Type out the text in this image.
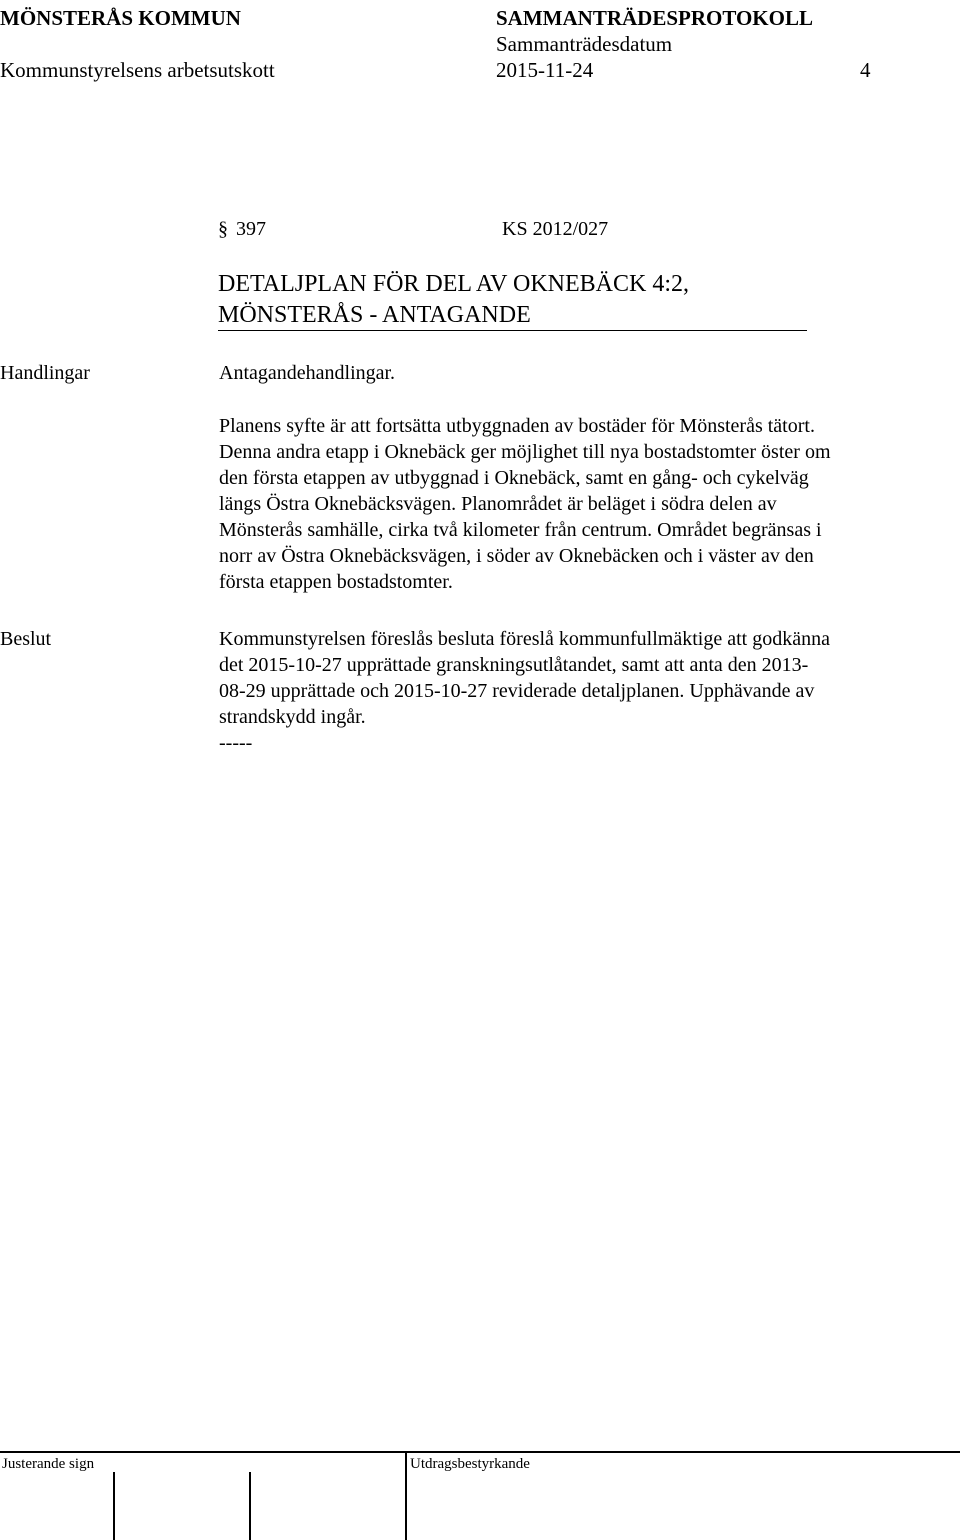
MÖNSTERÅS KOMMUN	SAMMANTRÄDESPROTOKOLL
Sammanträdesdatum
Kommunstyrelsens arbetsutskott	2015-11-24	4
§ 397	KS 2012/027
DETALJPLAN FÖR DEL AV OKNEBÄCK 4:2,
MÖNSTERÅS - ANTAGANDE
Handlingar	Antagandehandlingar.
Planens syfte är att fortsätta utbyggnaden av bostäder för Mönsterås tätort.
Denna andra etapp i Oknebäck ger möjlighet till nya bostadstomter öster om
den första etappen av utbyggnad i Oknebäck, samt en gång- och cykelväg
längs Östra Oknebäcksvägen. Planområdet är beläget i södra delen av
Mönsterås samhälle, cirka två kilometer från centrum. Området begränsas i
norr av Östra Oknebäcksvägen, i söder av Oknebäcken och i väster av den
första etappen bostadstomter.
Beslut	Kommunstyrelsen föreslås besluta föreslå kommunfullmäktige att godkänna
det 2015-10-27 upprättade granskningsutlåtandet, samt att anta den 2013-
08-29 upprättade och 2015-10-27 reviderade detaljplanen. Upphävande av
strandskydd ingår.
-----
Justerande sign	Utdragsbestyrkande
